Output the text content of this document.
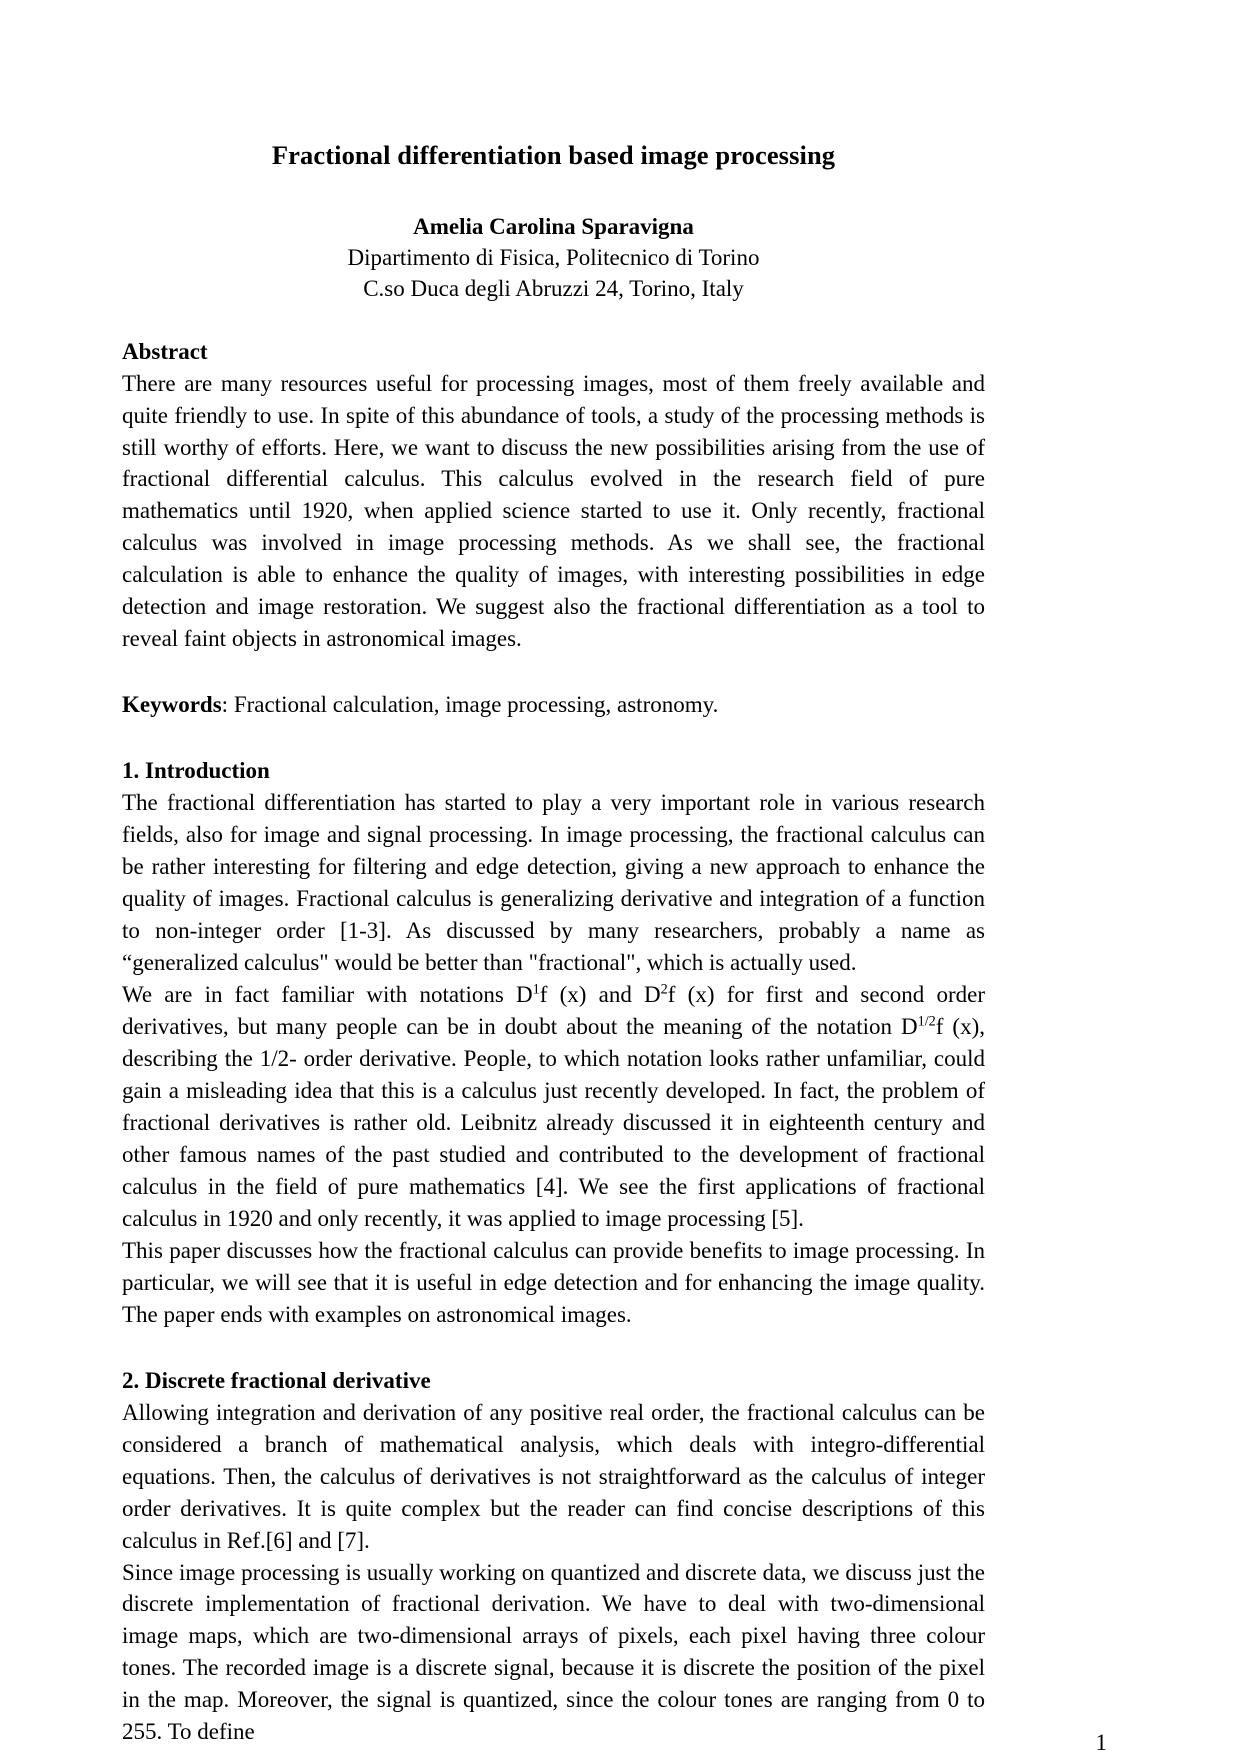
Fractional differentiation based image processing
Amelia Carolina Sparavigna
Dipartimento di Fisica, Politecnico di Torino
C.so Duca degli Abruzzi 24, Torino, Italy
Abstract

There are many resources useful for processing images, most of them freely available and quite friendly to use. In spite of this abundance of tools, a study of the processing methods is still worthy of efforts. Here, we want to discuss the new possibilities arising from the use of fractional differential calculus. This calculus evolved in the research field of pure mathematics until 1920, when applied science started to use it. Only recently, fractional calculus was involved in image processing methods. As we shall see, the fractional calculation is able to enhance the quality of images, with interesting possibilities in edge detection and image restoration. We suggest also the fractional differentiation as a tool to reveal faint objects in astronomical images.

Keywords: Fractional calculation, image processing, astronomy.

1. Introduction

The fractional differentiation has started to play a very important role in various research fields, also for image and signal processing. In image processing, the fractional calculus can be rather interesting for filtering and edge detection, giving a new approach to enhance the quality of images. Fractional calculus is generalizing derivative and integration of a function to non-integer order [1-3]. As discussed by many researchers, probably a name as “generalized calculus" would be better than "fractional", which is actually used.

We are in fact familiar with notations $D^1f$ (x) and $D^2f$ (x) for first and second order derivatives, but many people can be in doubt about the meaning of the notation $D^{1/2}f$ (x), describing the 1/2- order derivative. People, to which notation looks rather unfamiliar, could gain a misleading idea that this is a calculus just recently developed. In fact, the problem of fractional derivatives is rather old. Leibnitz already discussed it in eighteenth century and other famous names of the past studied and contributed to the development of fractional calculus in the field of pure mathematics [4]. We see the first applications of fractional calculus in 1920 and only recently, it was applied to image processing [5].

This paper discusses how the fractional calculus can provide benefits to image processing. In particular, we will see that it is useful in edge detection and for enhancing the image quality. The paper ends with examples on astronomical images.

2. Discrete fractional derivative

Allowing integration and derivation of any positive real order, the fractional calculus can be considered a branch of mathematical analysis, which deals with integro-differential equations. Then, the calculus of derivatives is not straightforward as the calculus of integer order derivatives. It is quite complex but the reader can find concise descriptions of this calculus in Ref.[6] and [7].

Since image processing is usually working on quantized and discrete data, we discuss just the discrete implementation of fractional derivation. We have to deal with two-dimensional image maps, which are two-dimensional arrays of pixels, each pixel having three colour tones. The recorded image is a discrete signal, because it is discrete the position of the pixel in the map. Moreover, the signal is quantized, since the colour tones are ranging from 0 to 255. To define	1
